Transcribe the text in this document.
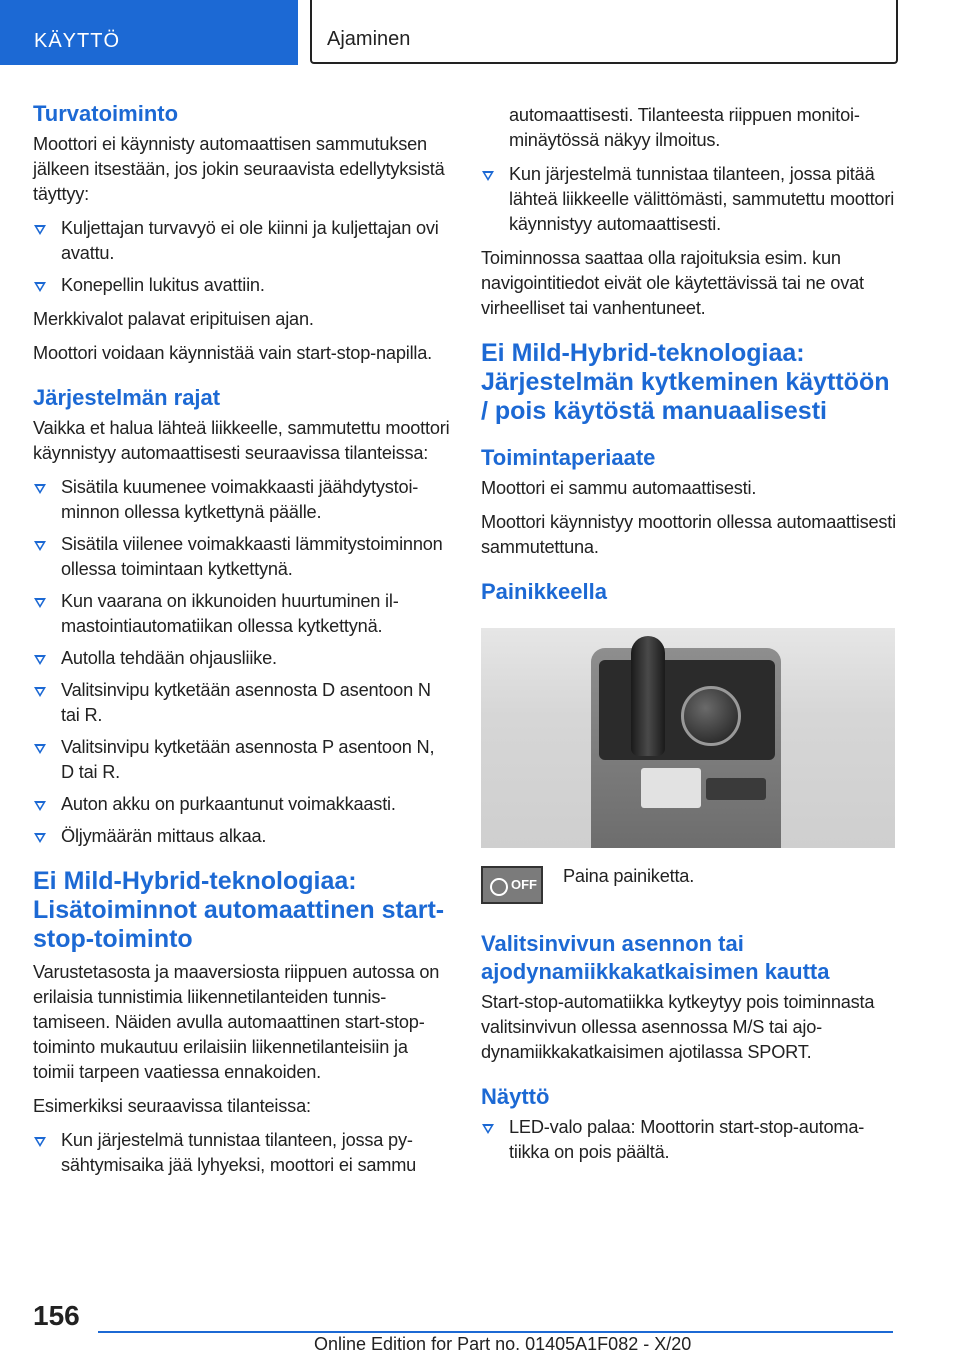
KÄYTTÖ	Ajaminen
Turvatoiminto

Moottori ei käynnisty automaattisen sammutuksen jälkeen itsestään, jos jokin seuraavista edellytyksistä täyttyy:

Kuljettajan turvavyö ei ole kiinni ja kuljettajan ovi avattu.
Konepellin lukitus avattiin.

Merkkivalot palavat eripituisen ajan.

Moottori voidaan käynnistää vain start-stop-napilla.

Järjestelmän rajat

Vaikka et halua lähteä liikkeelle, sammutettu moottori käynnistyy automaattisesti seuraavissa tilanteissa:

Sisätila kuumenee voimakkaasti jäähdytystoiminnon ollessa kytkettynä päälle.
Sisätila viilenee voimakkaasti lämmitystoiminnon ollessa toimintaan kytkettynä.
Kun vaarana on ikkunoiden huurtuminen ilmastointiautomatiikan ollessa kytkettynä.
Autolla tehdään ohjausliike.
Valitsinvipu kytketään asennosta D asentoon N tai R.
Valitsinvipu kytketään asennosta P asentoon N, D tai R.
Auton akku on purkaantunut voimakkaasti.
Öljymäärän mittaus alkaa.
Ei Mild-Hybrid-teknologiaa: Lisätoiminnot automaattinen start-stop-toiminto

Varustetasosta ja maaversiosta riippuen autossa on erilaisia tunnistimia liikennetilanteiden tunnistamiseen. Näiden avulla automaattinen start-stop-toiminto mukautuu erilaisiin liikennetilanteisiin ja toimii tarpeen vaatiessa ennakoiden.

Esimerkiksi seuraavissa tilanteissa:

Kun järjestelmä tunnistaa tilanteen, jossa pysähtymisaika jää lyhyeksi, moottori ei sammu

automaattisesti. Tilanteesta riippuen monitoiminäytössä näkyy ilmoitus.

Kun järjestelmä tunnistaa tilanteen, jossa pitää lähteä liikkeelle välittömästi, sammutettu moottori käynnistyy automaattisesti.

Toiminnossa saattaa olla rajoituksia esim. kun navigointitiedot eivät ole käytettävissä tai ne ovat virheelliset tai vanhentuneet.

Ei Mild-Hybrid-teknologiaa: Järjestelmän kytkeminen käyttöön / pois käytöstä manuaalisesti
Toimintaperiaate

Moottori ei sammu automaattisesti.

Moottori käynnistyy moottorin ollessa automaattisesti sammutettuna.

Painikkeella
OFF Paina painiketta.

Valitsinvivun asennon tai ajodynamiikkakatkaisimen kautta

Start-stop-automatiikka kytkeytyy pois toiminnasta valitsinvivun ollessa asennossa M/S tai ajodynamiikkakatkaisimen ajotilassa SPORT.

Näyttö
LED-valo palaa: Moottorin start-stop-automatiikka on pois päältä.
156
Online Edition for Part no. 01405A1F082 - X/20
